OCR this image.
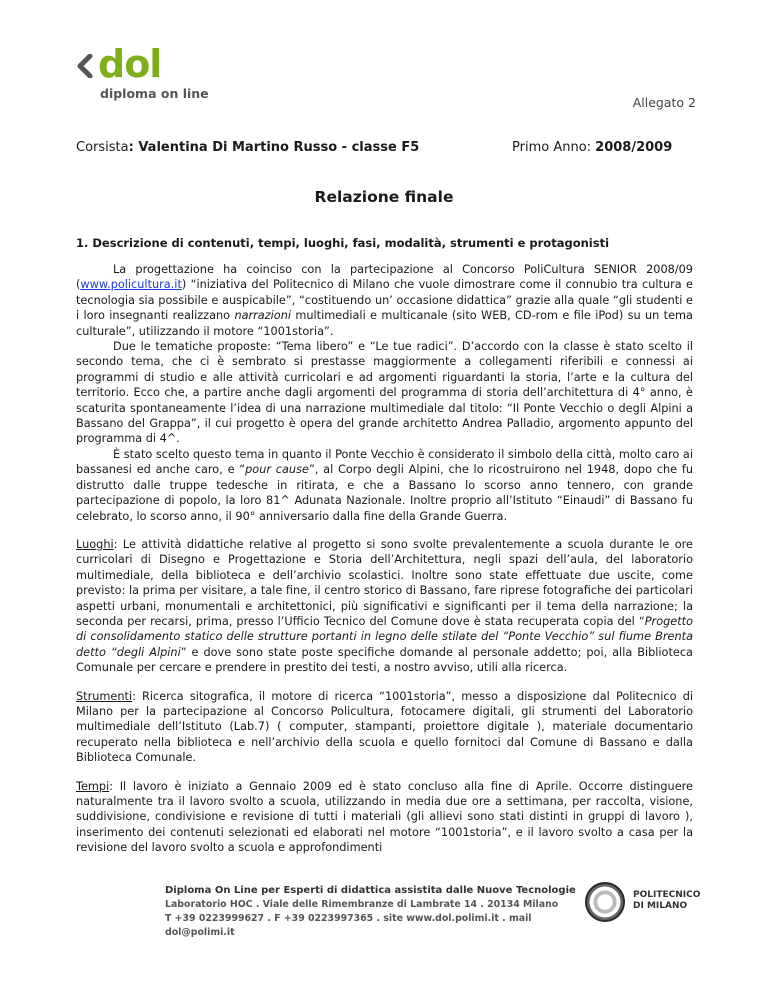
dol
diploma on line
Allegato 2
Corsista: Valentina Di Martino Russo - classe F5	Primo Anno: 2008/2009
Relazione finale
1. Descrizione di contenuti, tempi, luoghi, fasi, modalità, strumenti e protagonisti

La progettazione ha coinciso con la partecipazione al Concorso PoliCultura SENIOR 2008/09 (www.policultura.it) “iniziativa del Politecnico di Milano che vuole dimostrare come il connubio tra cultura e tecnologia sia possibile e auspicabile”, “costituendo un’ occasione didattica” grazie alla quale “gli studenti e i loro insegnanti realizzano narrazioni multimediali e multicanale (sito WEB, CD-rom e file iPod) su un tema culturale”, utilizzando il motore “1001storia”.

Due le tematiche proposte: “Tema libero” e “Le tue radici”. D’accordo con la classe è stato scelto il secondo tema, che ci è sembrato si prestasse maggiormente a collegamenti riferibili e connessi ai programmi di studio e alle attività curricolari e ad argomenti riguardanti la storia, l’arte e la cultura del territorio. Ecco che, a partire anche dagli argomenti del programma di storia dell’architettura di 4° anno, è scaturita spontaneamente l’idea di una narrazione multimediale dal titolo: “Il Ponte Vecchio o degli Alpini a Bassano del Grappa”, il cui progetto è opera del grande architetto Andrea Palladio, argomento appunto del programma di 4^.

È stato scelto questo tema in quanto il Ponte Vecchio è considerato il simbolo della città, molto caro ai bassanesi ed anche caro, e “pour cause”, al Corpo degli Alpini, che lo ricostruirono nel 1948, dopo che fu distrutto dalle truppe tedesche in ritirata, e che a Bassano lo scorso anno tennero, con grande partecipazione di popolo, la loro 81^ Adunata Nazionale. Inoltre proprio all’Istituto “Einaudi” di Bassano fu celebrato, lo scorso anno, il 90° anniversario dalla fine della Grande Guerra.

Luoghi: Le attività didattiche relative al progetto si sono svolte prevalentemente a scuola durante le ore curricolari di Disegno e Progettazione e Storia dell’Architettura, negli spazi dell’aula, del laboratorio multimediale, della biblioteca e dell’archivio scolastici. Inoltre sono state effettuate due uscite, come previsto: la prima per visitare, a tale fine, il centro storico di Bassano, fare riprese fotografiche dei particolari aspetti urbani, monumentali e architettonici, più significativi e significanti per il tema della narrazione; la seconda per recarsi, prima, presso l’Ufficio Tecnico del Comune dove è stata recuperata copia del “Progetto di consolidamento statico delle strutture portanti in legno delle stilate del “Ponte Vecchio” sul fiume Brenta detto “degli Alpini” e dove sono state poste specifiche domande al personale addetto; poi, alla Biblioteca Comunale per cercare e prendere in prestito dei testi, a nostro avviso, utili alla ricerca.

Strumenti: Ricerca sitografica, il motore di ricerca “1001storia”, messo a disposizione dal Politecnico di Milano per la partecipazione al Concorso Policultura, fotocamere digitali, gli strumenti del Laboratorio multimediale dell’Istituto (Lab.7) ( computer, stampanti, proiettore digitale ), materiale documentario recuperato nella biblioteca e nell’archivio della scuola e quello fornitoci dal Comune di Bassano e dalla Biblioteca Comunale.

Tempi: Il lavoro è iniziato a Gennaio 2009 ed è stato concluso alla fine di Aprile. Occorre distinguere naturalmente tra il lavoro svolto a scuola, utilizzando in media due ore a settimana, per raccolta, visione, suddivisione, condivisione e revisione di tutti i materiali (gli allievi sono stati distinti in gruppi di lavoro ), inserimento dei contenuti selezionati ed elaborati nel motore “1001storia”, e il lavoro svolto a casa per la revisione del lavoro svolto a scuola e approfondimenti

Diploma On Line per Esperti di didattica assistita dalle Nuove Tecnologie
Laboratorio HOC . Viale delle Rimembranze di Lambrate 14 . 20134 Milano
T +39 0223999627 . F +39 0223997365 . site www.dol.polimi.it . mail dol@polimi.it
POLITECNICO
DI MILANO
